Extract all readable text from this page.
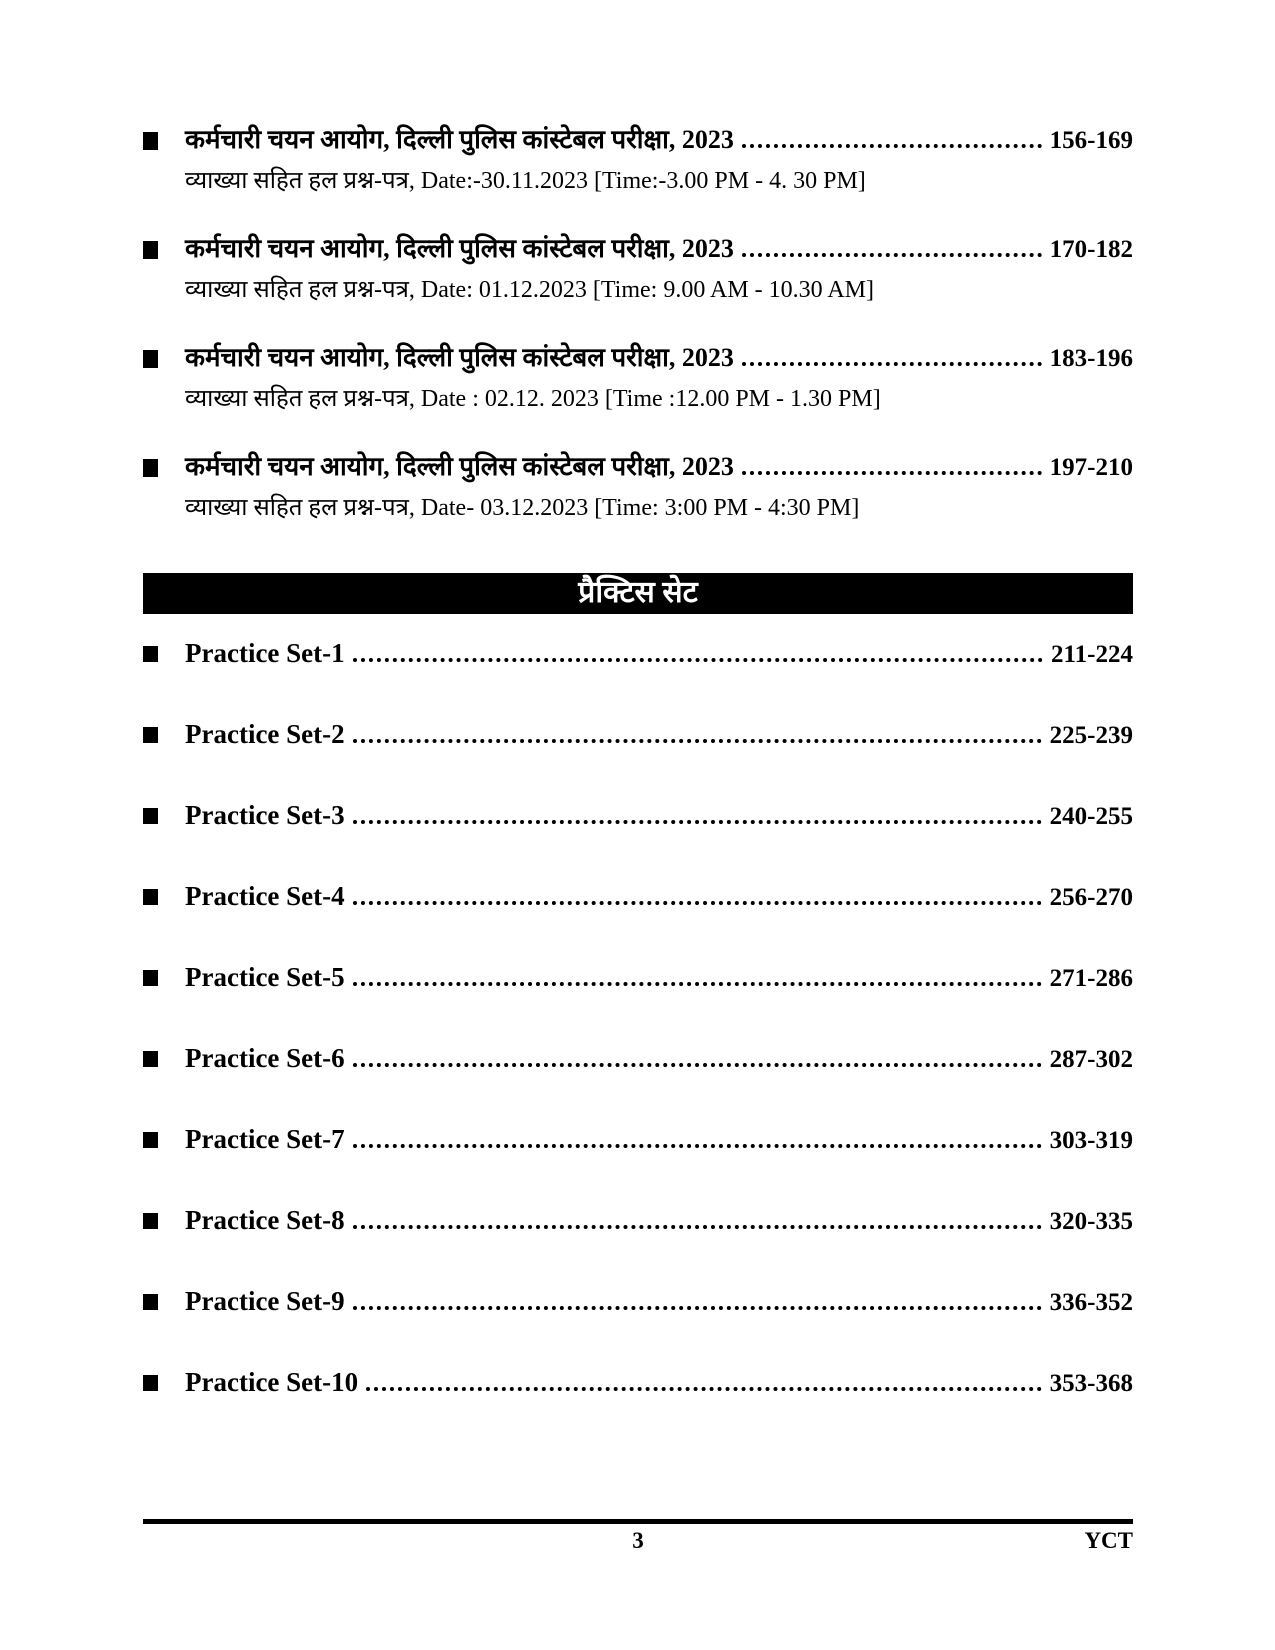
कर्मचारी चयन आयोग, दिल्ली पुलिस कांस्टेबल परीक्षा, 2023	156-169
व्याख्या सहित हल प्रश्न-पत्र, Date:-30.11.2023 [Time:-3.00 PM - 4. 30 PM]
कर्मचारी चयन आयोग, दिल्ली पुलिस कांस्टेबल परीक्षा, 2023	170-182
व्याख्या सहित हल प्रश्न-पत्र, Date: 01.12.2023 [Time: 9.00 AM - 10.30 AM]
कर्मचारी चयन आयोग, दिल्ली पुलिस कांस्टेबल परीक्षा, 2023	183-196
व्याख्या सहित हल प्रश्न-पत्र, Date : 02.12. 2023 [Time :12.00 PM - 1.30 PM]
कर्मचारी चयन आयोग, दिल्ली पुलिस कांस्टेबल परीक्षा, 2023	197-210
व्याख्या सहित हल प्रश्न-पत्र, Date- 03.12.2023 [Time: 3:00 PM - 4:30 PM]
प्रैक्टिस सेट
Practice Set-1	211-224
Practice Set-2	225-239
Practice Set-3	240-255
Practice Set-4	256-270
Practice Set-5	271-286
Practice Set-6	287-302
Practice Set-7	303-319
Practice Set-8	320-335
Practice Set-9	336-352
Practice Set-10	353-368
3	YCT
